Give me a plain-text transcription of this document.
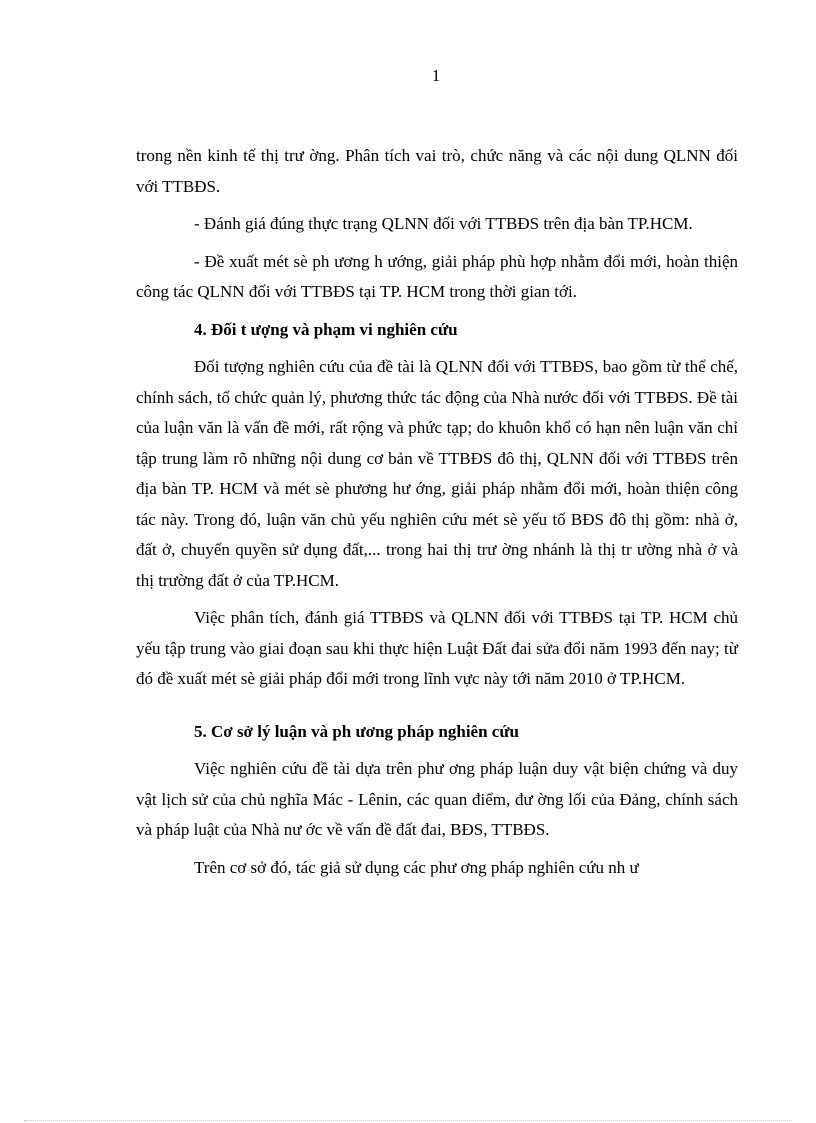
1

trong nền kinh tế thị trư ờng. Phân tích vai trò, chức năng và các nội dung QLNN đối với TTBĐS.

- Đánh giá đúng thực trạng QLNN đối với TTBĐS trên địa bàn TP.HCM.

- Đề xuất mét sè ph ương h ướng, giải pháp phù hợp nhằm đổi mới, hoàn thiện công tác QLNN đối với TTBĐS tại TP. HCM trong thời gian tới.

4. Đối t ượng và phạm vi nghiên cứu

Đối tượng nghiên cứu của đề tài là QLNN đối với TTBĐS, bao gồm từ thể chế, chính sách, tổ chức quản lý, phương thức tác động của Nhà nước đối với TTBĐS. Đề tài của luận văn là vấn đề mới, rất rộng và phức tạp; do khuôn khổ có hạn nên luận văn chỉ tập trung làm rõ những nội dung cơ bản về TTBĐS đô thị, QLNN đối với TTBĐS trên địa bàn TP. HCM và mét sè phương hư ớng, giải pháp nhằm đổi mới, hoàn thiện công tác này. Trong đó, luận văn chủ yếu nghiên cứu mét sè yếu tố BĐS đô thị gồm: nhà ở, đất ở, chuyển quyền sử dụng đất,... trong hai thị trư ờng nhánh là thị tr ường nhà ở và thị trường đất ở của TP.HCM.

Việc phân tích, đánh giá TTBĐS và QLNN đối với TTBĐS tại TP. HCM chủ yếu tập trung vào giai đoạn sau khi thực hiện Luật Đất đai sửa đổi năm 1993 đến nay; từ đó đề xuất mét sè giải pháp đổi mới trong lĩnh vực này tới năm 2010 ở TP.HCM.

5. Cơ sở lý luận và ph ương pháp nghiên cứu

Việc nghiên cứu đề tài dựa trên phư ơng pháp luận duy vật biện chứng và duy vật lịch sử của chủ nghĩa Mác - Lênin, các quan điểm, đư ờng lối của Đảng, chính sách và pháp luật của Nhà nư ớc về vấn đề đất đai, BĐS, TTBĐS.

Trên cơ sở đó, tác giả sử dụng các phư ơng pháp nghiên cứu nh ư
